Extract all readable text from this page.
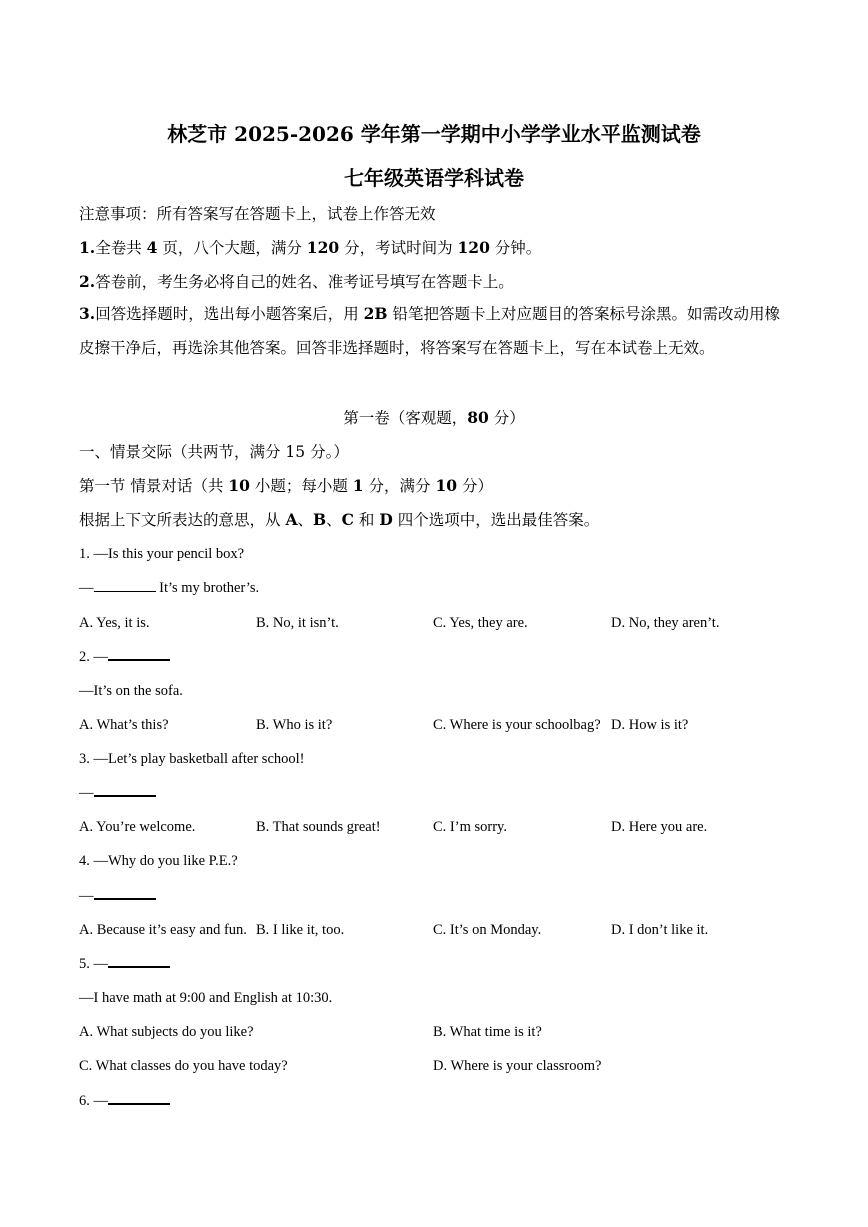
林芝市 2025-2026 学年第一学期中小学学业水平监测试卷
七年级英语学科试卷
注意事项：所有答案写在答题卡上，试卷上作答无效
1.全卷共 4 页，八个大题，满分 120 分，考试时间为 120 分钟。
2.答卷前，考生务必将自己的姓名、准考证号填写在答题卡上。
3.回答选择题时，选出每小题答案后，用 2B 铅笔把答题卡上对应题目的答案标号涂黑。如需改动用橡皮擦干净后，再选涂其他答案。回答非选择题时，将答案写在答题卡上，写在本试卷上无效。
第一卷（客观题，80 分）
一、情景交际（共两节，满分 15 分。）
第一节 情景对话（共 10 小题；每小题 1 分，满分 10 分）
根据上下文所表达的意思，从 A、B、C 和 D 四个选项中，选出最佳答案。
1. —Is this your pencil box?
—	It’s my brother’s.
A. Yes, it is.	B. No, it isn’t.	C. Yes, they are.	D. No, they aren’t.
2. —
—It’s on the sofa.
A. What’s this?	B. Who is it?	C. Where is your schoolbag? D. How is it?
3. —Let’s play basketball after school!
—
A. You’re welcome.	B. That sounds great!	C. I’m sorry.	D. Here you are.
4. —Why do you like P.E.?
—
A. Because it’s easy and fun. B. I like it, too.	C. It’s on Monday.	D. I don’t like it.
5. —
—I have math at 9:00 and English at 10:30.
A. What subjects do you like?	B. What time is it?
C. What classes do you have today?	D. Where is your classroom?
6. —
